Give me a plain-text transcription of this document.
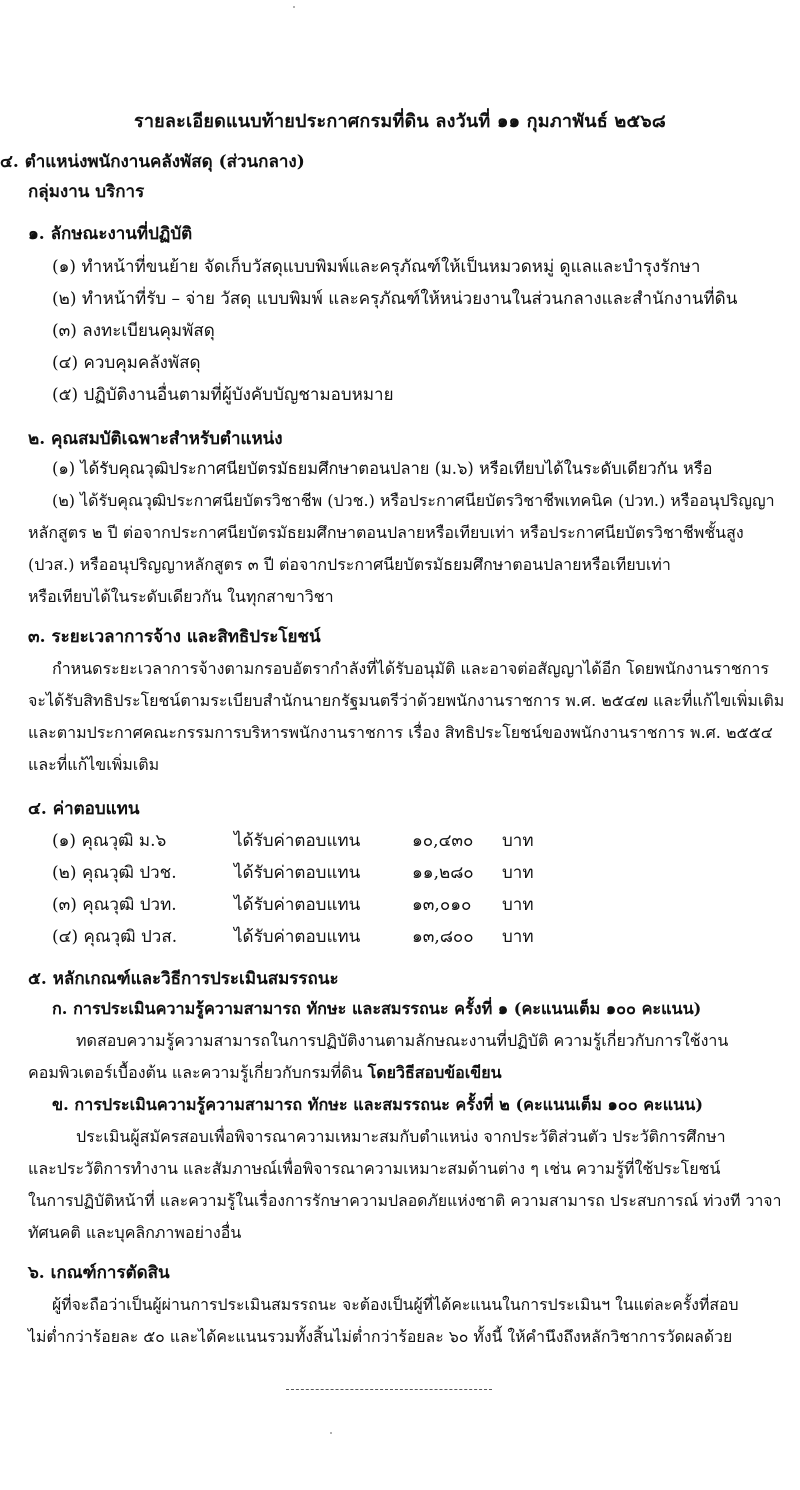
รายละเอียดแนบท้ายประกาศกรมที่ดิน ลงวันที่ ๑๑ กุมภาพันธ์ ๒๕๖๘
๔. ตำแหน่งพนักงานคลังพัสดุ (ส่วนกลาง)
กลุ่มงาน บริการ
๑. ลักษณะงานที่ปฏิบัติ
(๑) ทำหน้าที่ขนย้าย จัดเก็บวัสดุแบบพิมพ์และครุภัณฑ์ให้เป็นหมวดหมู่ ดูแลและบำรุงรักษา
(๒) ทำหน้าที่รับ – จ่าย วัสดุ แบบพิมพ์ และครุภัณฑ์ให้หน่วยงานในส่วนกลางและสำนักงานที่ดิน
(๓) ลงทะเบียนคุมพัสดุ
(๔) ควบคุมคลังพัสดุ
(๕) ปฏิบัติงานอื่นตามที่ผู้บังคับบัญชามอบหมาย
๒. คุณสมบัติเฉพาะสำหรับตำแหน่ง
(๑) ได้รับคุณวุฒิประกาศนียบัตรมัธยมศึกษาตอนปลาย (ม.๖) หรือเทียบได้ในระดับเดียวกัน หรือ
(๒) ได้รับคุณวุฒิประกาศนียบัตรวิชาชีพ (ปวช.) หรือประกาศนียบัตรวิชาชีพเทคนิค (ปวท.) หรืออนุปริญญา
หลักสูตร ๒ ปี ต่อจากประกาศนียบัตรมัธยมศึกษาตอนปลายหรือเทียบเท่า หรือประกาศนียบัตรวิชาชีพชั้นสูง
(ปวส.) หรืออนุปริญญาหลักสูตร ๓ ปี ต่อจากประกาศนียบัตรมัธยมศึกษาตอนปลายหรือเทียบเท่า
หรือเทียบได้ในระดับเดียวกัน ในทุกสาขาวิชา
๓. ระยะเวลาการจ้าง และสิทธิประโยชน์
กำหนดระยะเวลาการจ้างตามกรอบอัตรากำลังที่ได้รับอนุมัติ และอาจต่อสัญญาได้อีก โดยพนักงานราชการ
จะได้รับสิทธิประโยชน์ตามระเบียบสำนักนายกรัฐมนตรีว่าด้วยพนักงานราชการ พ.ศ. ๒๕๔๗ และที่แก้ไขเพิ่มเติม
และตามประกาศคณะกรรมการบริหารพนักงานราชการ เรื่อง สิทธิประโยชน์ของพนักงานราชการ พ.ศ. ๒๕๕๔
และที่แก้ไขเพิ่มเติม
๔. ค่าตอบแทน
(๑) คุณวุฒิ ม.๖	ได้รับค่าตอบแทน	๑๐,๔๓๐	บาท
(๒) คุณวุฒิ ปวช.	ได้รับค่าตอบแทน	๑๑,๒๘๐	บาท
(๓) คุณวุฒิ ปวท.	ได้รับค่าตอบแทน	๑๓,๐๑๐	บาท
(๔) คุณวุฒิ ปวส.	ได้รับค่าตอบแทน	๑๓,๘๐๐	บาท
๕. หลักเกณฑ์และวิธีการประเมินสมรรถนะ
ก. การประเมินความรู้ความสามารถ ทักษะ และสมรรถนะ ครั้งที่ ๑ (คะแนนเต็ม ๑๐๐ คะแนน)
ทดสอบความรู้ความสามารถในการปฏิบัติงานตามลักษณะงานที่ปฏิบัติ ความรู้เกี่ยวกับการใช้งาน
คอมพิวเตอร์เบื้องต้น และความรู้เกี่ยวกับกรมที่ดิน โดยวิธีสอบข้อเขียน
ข. การประเมินความรู้ความสามารถ ทักษะ และสมรรถนะ ครั้งที่ ๒ (คะแนนเต็ม ๑๐๐ คะแนน)
ประเมินผู้สมัครสอบเพื่อพิจารณาความเหมาะสมกับตำแหน่ง จากประวัติส่วนตัว ประวัติการศึกษา
และประวัติการทำงาน และสัมภาษณ์เพื่อพิจารณาความเหมาะสมด้านต่าง ๆ เช่น ความรู้ที่ใช้ประโยชน์
ในการปฏิบัติหน้าที่ และความรู้ในเรื่องการรักษาความปลอดภัยแห่งชาติ ความสามารถ ประสบการณ์ ท่วงที วาจา
ทัศนคติ และบุคลิกภาพอย่างอื่น
๖. เกณฑ์การตัดสิน
ผู้ที่จะถือว่าเป็นผู้ผ่านการประเมินสมรรถนะ จะต้องเป็นผู้ที่ได้คะแนนในการประเมินฯ ในแต่ละครั้งที่สอบ
ไม่ต่ำกว่าร้อยละ ๕๐ และได้คะแนนรวมทั้งสิ้นไม่ต่ำกว่าร้อยละ ๖๐ ทั้งนี้ ให้คำนึงถึงหลักวิชาการวัดผลด้วย
